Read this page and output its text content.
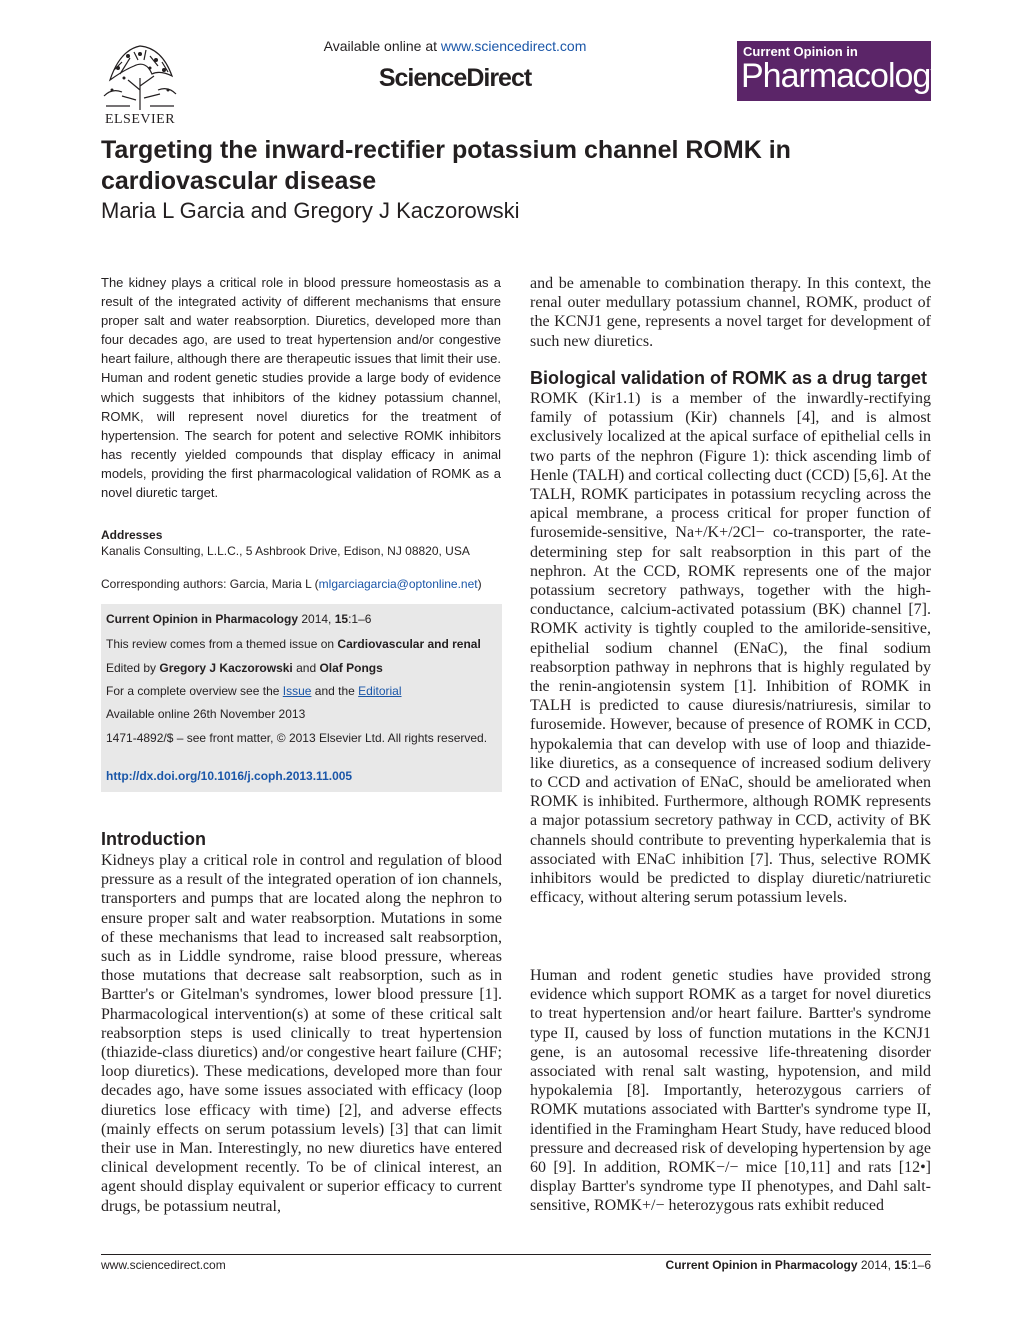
ELSEVIER
Available online at www.sciencedirect.com
ScienceDirect
Current Opinion in
Pharmacology
Targeting the inward-rectifier potassium channel ROMK in cardiovascular disease
Maria L Garcia and Gregory J Kaczorowski
The kidney plays a critical role in blood pressure homeostasis as a result of the integrated activity of different mechanisms that ensure proper salt and water reabsorption. Diuretics, developed more than four decades ago, are used to treat hypertension and/or congestive heart failure, although there are therapeutic issues that limit their use. Human and rodent genetic studies provide a large body of evidence which suggests that inhibitors of the kidney potassium channel, ROMK, will represent novel diuretics for the treatment of hypertension. The search for potent and selective ROMK inhibitors has recently yielded compounds that display efficacy in animal models, providing the first pharmacological validation of ROMK as a novel diuretic target.
Addresses
Kanalis Consulting, L.L.C., 5 Ashbrook Drive, Edison, NJ 08820, USA
Corresponding authors: Garcia, Maria L (mlgarciagarcia@optonline.net)
Current Opinion in Pharmacology 2014, 15:1–6
This review comes from a themed issue on Cardiovascular and renal
Edited by Gregory J Kaczorowski and Olaf Pongs
For a complete overview see the Issue and the Editorial
Available online 26th November 2013
1471-4892/$ – see front matter, © 2013 Elsevier Ltd. All rights reserved.
http://dx.doi.org/10.1016/j.coph.2013.11.005
Introduction
Kidneys play a critical role in control and regulation of blood pressure as a result of the integrated operation of ion channels, transporters and pumps that are located along the nephron to ensure proper salt and water reabsorption. Mutations in some of these mechanisms that lead to increased salt reabsorption, such as in Liddle syndrome, raise blood pressure, whereas those mutations that decrease salt reabsorption, such as in Bartter's or Gitelman's syndromes, lower blood pressure [1]. Pharmacological intervention(s) at some of these critical salt reabsorption steps is used clinically to treat hypertension (thiazide-class diuretics) and/or congestive heart failure (CHF; loop diuretics). These medications, developed more than four decades ago, have some issues associated with efficacy (loop diuretics lose efficacy with time) [2], and adverse effects (mainly effects on serum potassium levels) [3] that can limit their use in Man. Interestingly, no new diuretics have entered clinical development recently. To be of clinical interest, an agent should display equivalent or superior efficacy to current drugs, be potassium neutral,
and be amenable to combination therapy. In this context, the renal outer medullary potassium channel, ROMK, product of the KCNJ1 gene, represents a novel target for development of such new diuretics.
Biological validation of ROMK as a drug target
ROMK (Kir1.1) is a member of the inwardly-rectifying family of potassium (Kir) channels [4], and is almost exclusively localized at the apical surface of epithelial cells in two parts of the nephron (Figure 1): thick ascending limb of Henle (TALH) and cortical collecting duct (CCD) [5,6]. At the TALH, ROMK participates in potassium recycling across the apical membrane, a process critical for proper function of furosemide-sensitive, Na+/K+/2Cl− co-transporter, the rate-determining step for salt reabsorption in this part of the nephron. At the CCD, ROMK represents one of the major potassium secretory pathways, together with the high-conductance, calcium-activated potassium (BK) channel [7]. ROMK activity is tightly coupled to the amiloride-sensitive, epithelial sodium channel (ENaC), the final sodium reabsorption pathway in nephrons that is highly regulated by the renin-angiotensin system [1]. Inhibition of ROMK in TALH is predicted to cause diuresis/natriuresis, similar to furosemide. However, because of presence of ROMK in CCD, hypokalemia that can develop with use of loop and thiazide-like diuretics, as a consequence of increased sodium delivery to CCD and activation of ENaC, should be ameliorated when ROMK is inhibited. Furthermore, although ROMK represents a major potassium secretory pathway in CCD, activity of BK channels should contribute to preventing hyperkalemia that is associated with ENaC inhibition [7]. Thus, selective ROMK inhibitors would be predicted to display diuretic/natriuretic efficacy, without altering serum potassium levels.
Human and rodent genetic studies have provided strong evidence which support ROMK as a target for novel diuretics to treat hypertension and/or heart failure. Bartter's syndrome type II, caused by loss of function mutations in the KCNJ1 gene, is an autosomal recessive life-threatening disorder associated with renal salt wasting, hypotension, and mild hypokalemia [8]. Importantly, heterozygous carriers of ROMK mutations associated with Bartter's syndrome type II, identified in the Framingham Heart Study, have reduced blood pressure and decreased risk of developing hypertension by age 60 [9]. In addition, ROMK−/− mice [10,11] and rats [12•] display Bartter's syndrome type II phenotypes, and Dahl salt-sensitive, ROMK+/− heterozygous rats exhibit reduced
www.sciencedirect.com	Current Opinion in Pharmacology 2014, 15:1–6
